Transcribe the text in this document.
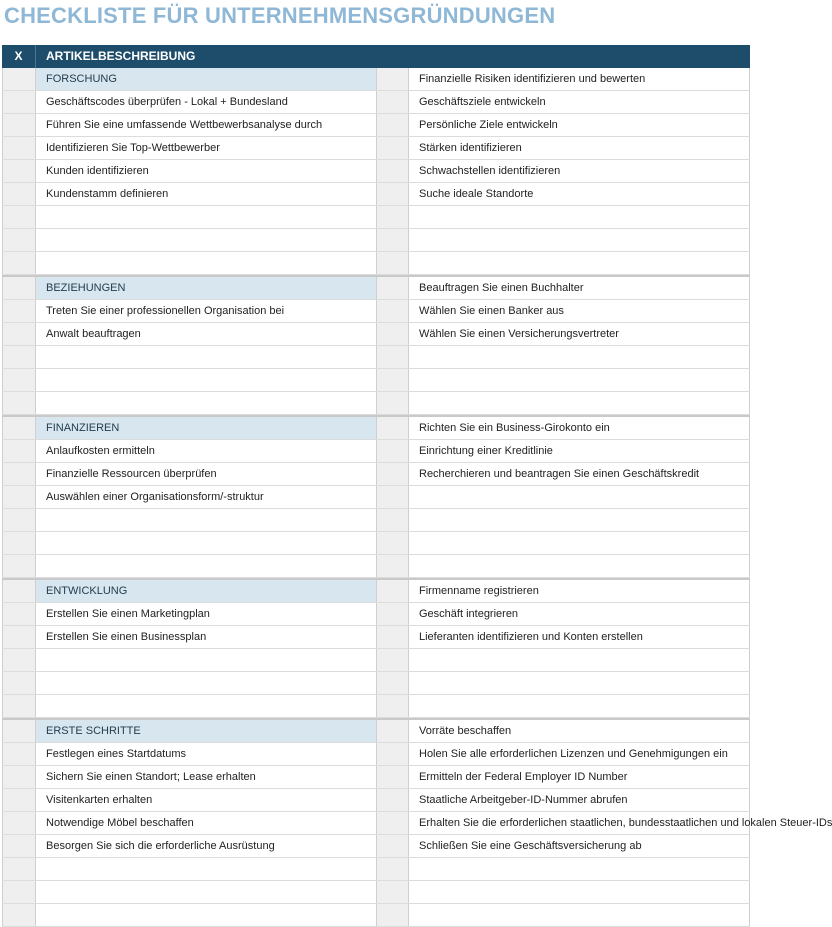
CHECKLISTE FÜR UNTERNEHMENSGRÜNDUNGEN
X	ARTIKELBESCHREIBUNG
FORSCHUNG	Finanzielle Risiken identifizieren und bewerten
Geschäftscodes überprüfen - Lokal + Bundesland	Geschäftsziele entwickeln
Führen Sie eine umfassende Wettbewerbsanalyse durch	Persönliche Ziele entwickeln
Identifizieren Sie Top-Wettbewerber	Stärken identifizieren
Kunden identifizieren	Schwachstellen identifizieren
Kundenstamm definieren	Suche ideale Standorte
BEZIEHUNGEN	Beauftragen Sie einen Buchhalter
Treten Sie einer professionellen Organisation bei	Wählen Sie einen Banker aus
Anwalt beauftragen	Wählen Sie einen Versicherungsvertreter
FINANZIEREN	Richten Sie ein Business-Girokonto ein
Anlaufkosten ermitteln	Einrichtung einer Kreditlinie
Finanzielle Ressourcen überprüfen	Recherchieren und beantragen Sie einen Geschäftskredit
Auswählen einer Organisationsform/-struktur
ENTWICKLUNG	Firmenname registrieren
Erstellen Sie einen Marketingplan	Geschäft integrieren
Erstellen Sie einen Businessplan	Lieferanten identifizieren und Konten erstellen
ERSTE SCHRITTE	Vorräte beschaffen
Festlegen eines Startdatums	Holen Sie alle erforderlichen Lizenzen und Genehmigungen ein
Sichern Sie einen Standort; Lease erhalten	Ermitteln der Federal Employer ID Number
Visitenkarten erhalten	Staatliche Arbeitgeber-ID-Nummer abrufen
Notwendige Möbel beschaffen	Erhalten Sie die erforderlichen staatlichen, bundesstaatlichen und lokalen Steuer-IDs
Besorgen Sie sich die erforderliche Ausrüstung	Schließen Sie eine Geschäftsversicherung ab
